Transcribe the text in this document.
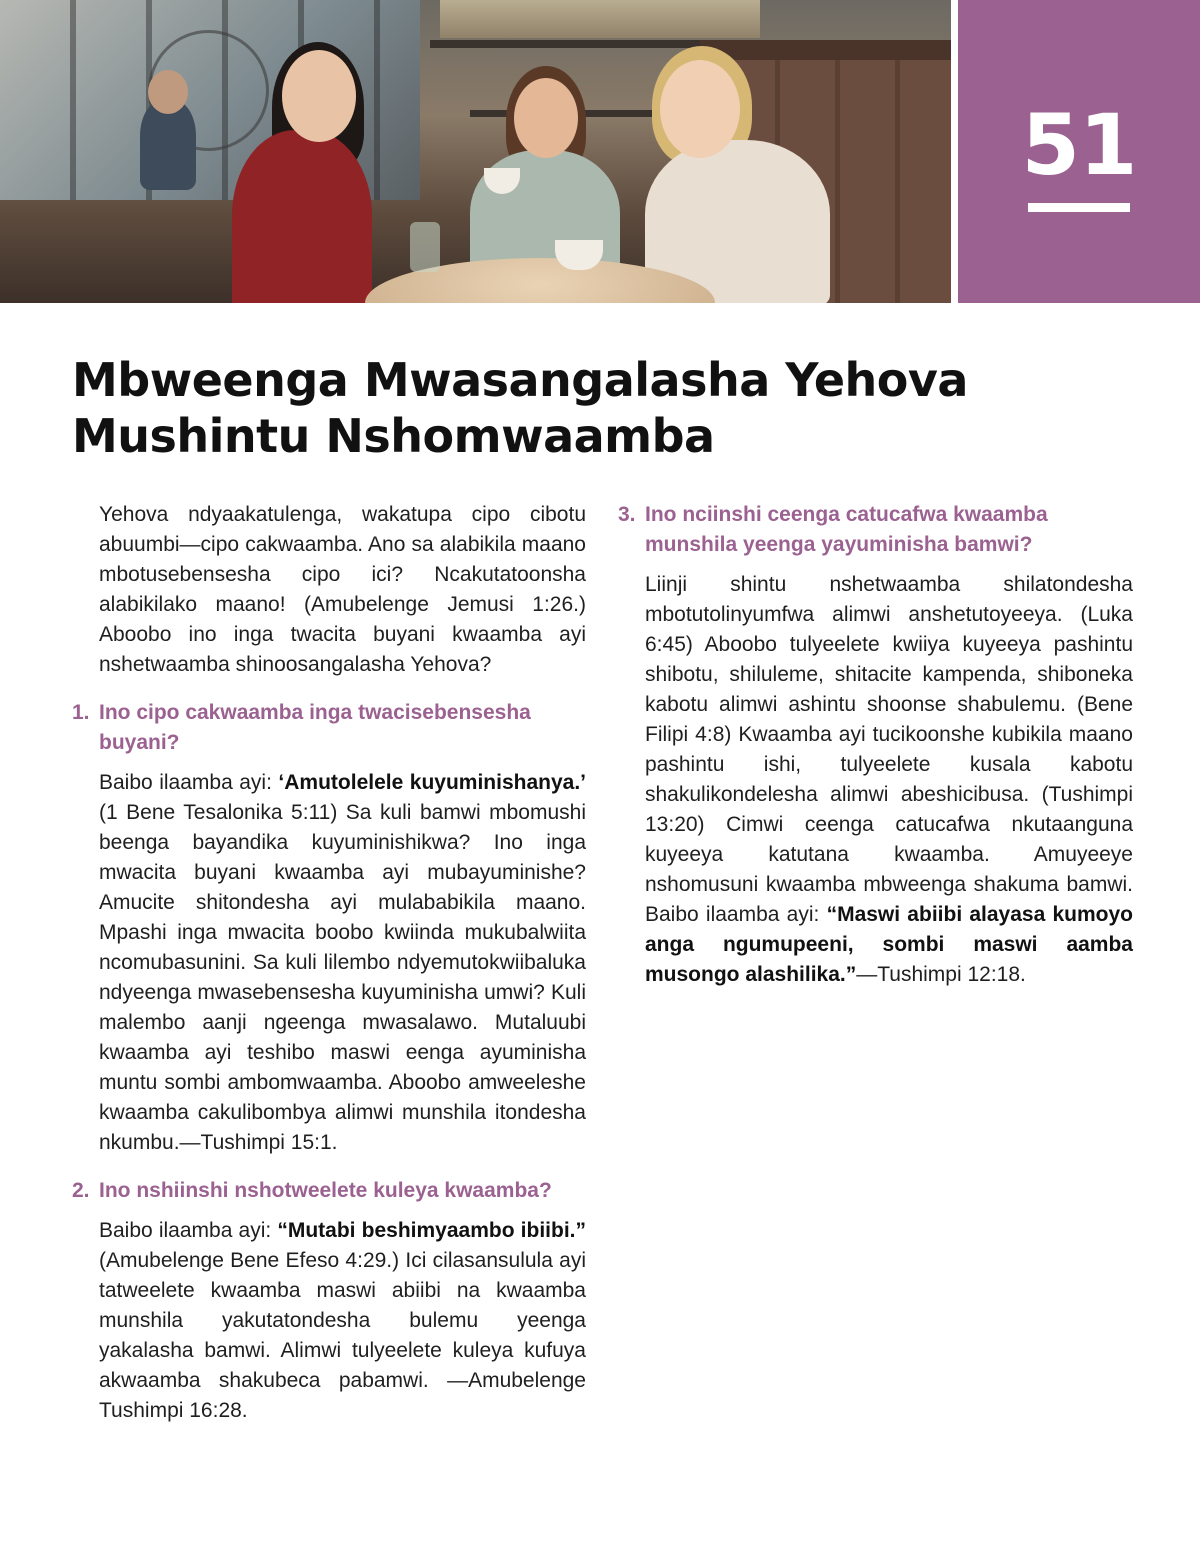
51
Mbweenga Mwasangalasha Yehova
Mushintu Nshomwaamba

Yehova ndyaakatulenga, wakatupa cipo cibotu abuumbi—cipo cakwaamba. Ano sa alabikila maano mbotusebensesha cipo ici? Ncakutatoonsha alabikilako maano! (Amubelenge Jemusi 1:26.) Aboobo ino inga twacita buyani kwaamba ayi nshetwaamba shinoosangalasha Yehova?

1. Ino cipo cakwaamba inga twacisebensesha buyani?

Baibo ilaamba ayi: ‘Amutolelele kuyuminishanya.’ (1 Bene Tesalonika 5:11) Sa kuli bamwi mbomushi beenga bayandika kuyuminishikwa? Ino inga mwacita buyani kwaamba ayi mubayuminishe? Amucite shitondesha ayi mulababikila maano. Mpashi inga mwacita boobo kwiinda mukubalwiita ncomubasunini. Sa kuli lilembo ndyemutokwiibaluka ndyeenga mwasebensesha kuyuminisha umwi? Kuli malembo aanji ngeenga mwasalawo. Mutaluubi kwaamba ayi teshibo maswi eenga ayuminisha muntu sombi ambomwaamba. Aboobo amweeleshe kwaamba cakulibombya alimwi munshila itondesha nkumbu.—Tushimpi 15:1.

2. Ino nshiinshi nshotweelete kuleya kwaamba?

Baibo ilaamba ayi: “Mutabi beshimyaambo ibiibi.” (Amubelenge Bene Efeso 4:29.) Ici cilasansulula ayi tatweelete kwaamba maswi abiibi na kwaamba munshila yakutatondesha bulemu yeenga yakalasha bamwi. Alimwi tulyeelete kuleya kufuya akwaamba shakubeca pabamwi. —Amubelenge Tushimpi 16:28.

3. Ino nciinshi ceenga catucafwa kwaamba munshila yeenga yayuminisha bamwi?

Liinji shintu nshetwaamba shilatondesha mbotutolinyumfwa alimwi anshetutoyeeya. (Luka 6:45) Aboobo tulyeelete kwiiya kuyeeya pashintu shibotu, shiluleme, shitacite kampenda, shiboneka kabotu alimwi ashintu shoonse shabulemu. (Bene Filipi 4:8) Kwaamba ayi tucikoonshe kubikila maano pashintu ishi, tulyeelete kusala kabotu shakulikondelesha alimwi abeshicibusa. (Tushimpi 13:20) Cimwi ceenga catucafwa nkutaanguna kuyeeya katutana kwaamba. Amuyeeye nshomusuni kwaamba mbweenga shakuma bamwi. Baibo ilaamba ayi: “Maswi abiibi alayasa kumoyo anga ngumupeeni, sombi maswi aamba musongo alashilika.”—Tushimpi 12:18.
